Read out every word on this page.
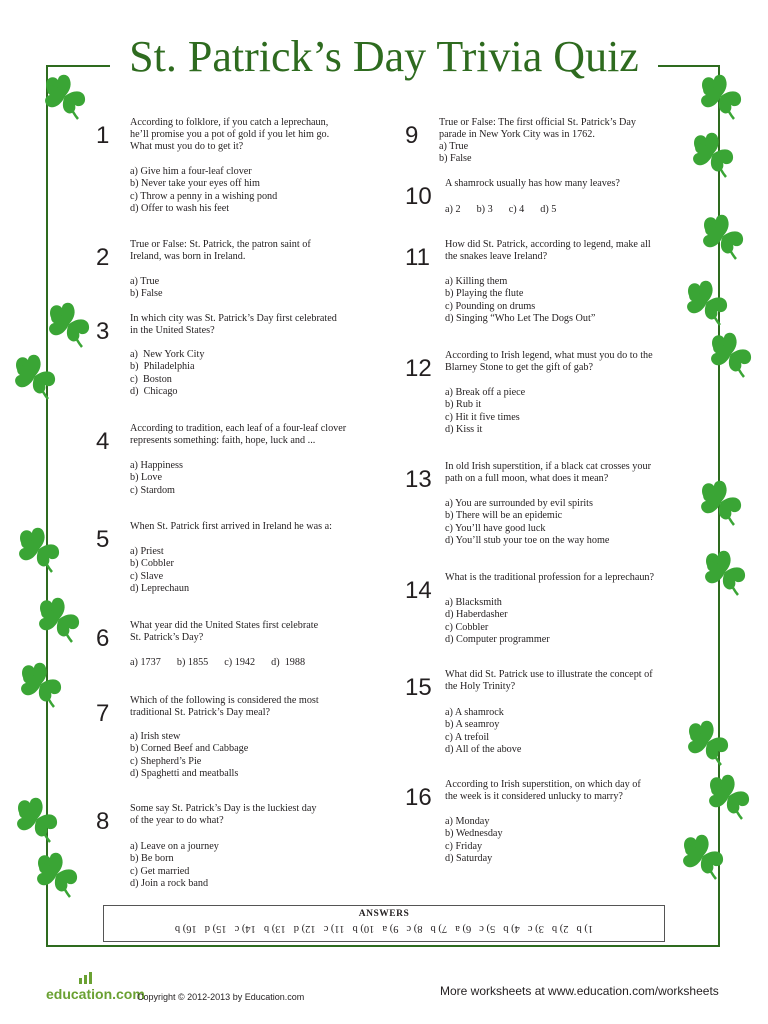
St. Patrick’s Day Trivia Quiz
1	According to folklore, if you catch a leprechaun,
he’ll promise you a pot of gold if you let him go.
What must you do to get it?
a) Give him a four-leaf clover
b) Never take your eyes off him
c) Throw a penny in a wishing pond
d) Offer to wash his feet
2	True or False: St. Patrick, the patron saint of
Ireland, was born in Ireland.
a) True
b) False
3	In which city was St. Patrick’s Day first celebrated
in the United States?
a)  New York City
b)  Philadelphia
c)  Boston
d)  Chicago
4	According to tradition, each leaf of a four-leaf clover
represents something: faith, hope, luck and ...
a) Happiness
b) Love
c) Stardom
5	When St. Patrick first arrived in Ireland he was a:
a) Priest
b) Cobbler
c) Slave
d) Leprechaun
6	What year did the United States first celebrate
St. Patrick’s Day?
a) 1737 b) 1855 c) 1942 d)  1988
7	Which of the following is considered the most
traditional St. Patrick’s Day meal?
a) Irish stew
b) Corned Beef and Cabbage
c) Shepherd’s Pie
d) Spaghetti and meatballs
8	Some say St. Patrick’s Day is the luckiest day
of the year to do what?
a) Leave on a journey
b) Be born
c) Get married
d) Join a rock band
9	True or False: The first official St. Patrick’s Day
parade in New York City was in 1762.
a) True
b) False
10	A shamrock usually has how many leaves?
a) 2 b) 3 c) 4 d) 5
11	How did St. Patrick, according to legend, make all
the snakes leave Ireland?
a) Killing them
b) Playing the flute
c) Pounding on drums
d) Singing “Who Let The Dogs Out”
12	According to Irish legend, what must you do to the
Blarney Stone to get the gift of gab?
a) Break off a piece
b) Rub it
c) Hit it five times
d) Kiss it
13	In old Irish superstition, if a black cat crosses your
path on a full moon, what does it mean?
a) You are surrounded by evil spirits
b) There will be an epidemic
c) You’ll have good luck
d) You’ll stub your toe on the way home
14	What is the traditional profession for a leprechaun?
a) Blacksmith
d) Haberdasher
c) Cobbler
d) Computer programmer
15	What did St. Patrick use to illustrate the concept of
the Holy Trinity?
a) A shamrock
b) A seamroy
c) A trefoil
d) All of the above
16	According to Irish superstition, on which day of
the week is it considered unlucky to marry?
a) Monday
b) Wednesday
c) Friday
d) Saturday
ANSWERS
1) b2) b3) c4) b5) c6) a7) b8) c9) a10) b11) c12) d13) b14) c15) d16) b
education.com
Copyright © 2012-2013 by Education.com	More worksheets at www.education.com/worksheets
